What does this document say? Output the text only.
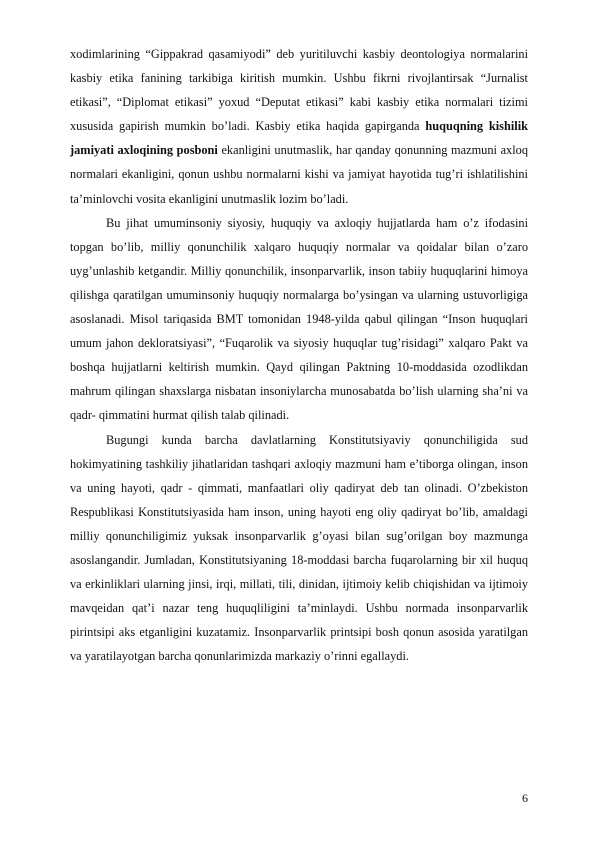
xodimlarining “Gippakrad qasamiyodi” deb yuritiluvchi kasbiy deontologiya normalarini kasbiy etika fanining tarkibiga kiritish mumkin. Ushbu fikrni rivojlantirsak “Jurnalist etikasi”, “Diplomat etikasi” yoxud “Deputat etikasi” kabi kasbiy etika normalari tizimi xususida gapirish mumkin bo’ladi. Kasbiy etika haqida gapirganda huquqning kishilik jamiyati axloqining posboni ekanligini unutmaslik, har qanday qonunning mazmuni axloq normalari ekanligini, qonun ushbu normalarni kishi va jamiyat hayotida tug’ri ishlatilishini ta’minlovchi vosita ekanligini unutmaslik lozim bo’ladi.

Bu jihat umuminsoniy siyosiy, huquqiy va axloqiy hujjatlarda ham o’z ifodasini topgan bo’lib, milliy qonunchilik xalqaro huquqiy normalar va qoidalar bilan o’zaro uyg’unlashib ketgandir. Milliy qonunchilik, insonparvarlik, inson tabiiy huquqlarini himoya qilishga qaratilgan umuminsoniy huquqiy normalarga bo’ysingan va ularning ustuvorligiga asoslanadi. Misol tariqasida BMT tomonidan 1948-yilda qabul qilingan “Inson huquqlari umum jahon dekloratsiyasi”, “Fuqarolik va siyosiy huquqlar tug’risidagi” xalqaro Pakt va boshqa hujjatlarni keltirish mumkin. Qayd qilingan Paktning 10-moddasida ozodlikdan mahrum qilingan shaxslarga nisbatan insoniylarcha munosabatda bo’lish ularning sha’ni va qadr- qimmatini hurmat qilish talab qilinadi.

Bugungi kunda barcha davlatlarning Konstitutsiyaviy qonunchiligida sud hokimyatining tashkiliy jihatlaridan tashqari axloqiy mazmuni ham e’tiborga olingan, inson va uning hayoti, qadr - qimmati, manfaatlari oliy qadiryat deb tan olinadi. O’zbekiston Respublikasi Konstitutsiyasida ham inson, uning hayoti eng oliy qadiryat bo’lib, amaldagi milliy qonunchiligimiz yuksak insonparvarlik g’oyasi bilan sug’orilgan boy mazmunga asoslangandir. Jumladan, Konstitutsiyaning 18-moddasi barcha fuqarolarning bir xil huquq va erkinliklari ularning jinsi, irqi, millati, tili, dinidan, ijtimoiy kelib chiqishidan va ijtimoiy mavqeidan qat’i nazar teng huquqliligini ta’minlaydi. Ushbu normada insonparvarlik pirintsipi aks etganligini kuzatamiz. Insonparvarlik printsipi bosh qonun asosida yaratilgan va yaratilayotgan barcha qonunlarimizda markaziy o’rinni egallaydi.

6
